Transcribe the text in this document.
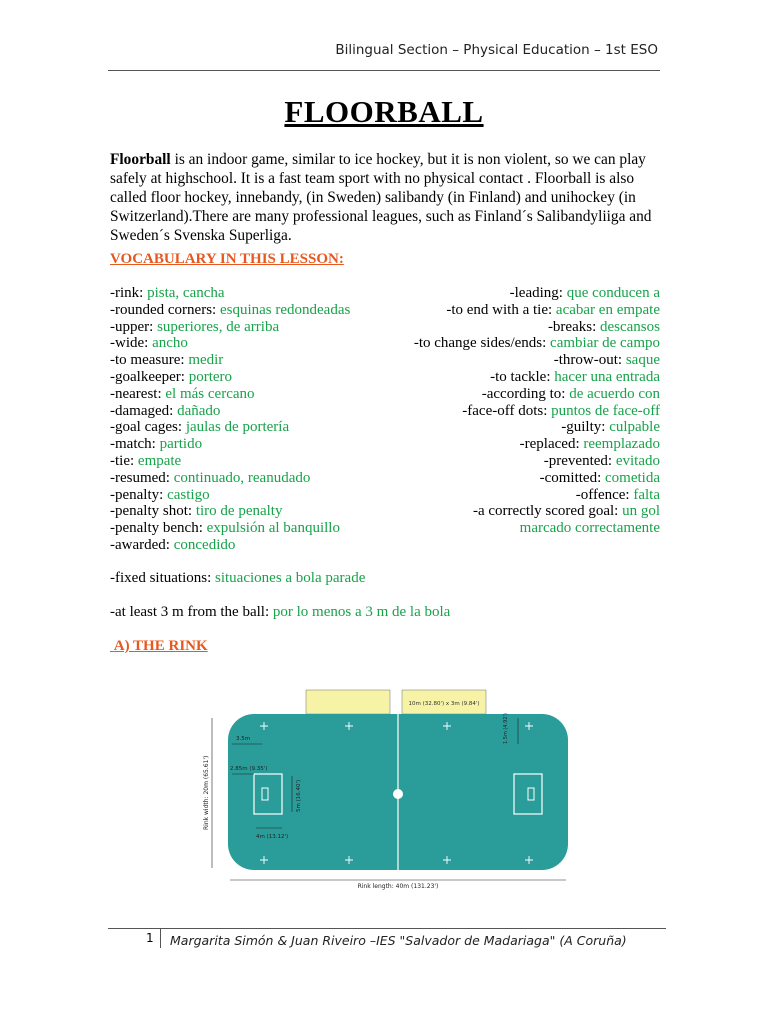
Bilingual Section – Physical Education – 1st ESO
FLOORBALL
Floorball is an indoor game, similar to ice hockey, but it is non violent, so we can play safely at highschool. It is a fast team sport with no physical contact . Floorball is also called floor hockey, innebandy, (in Sweden) salibandy (in Finland) and unihockey (in Switzerland).There are many professional leagues, such as Finland´s Salibandyliiga and Sweden´s Svenska Superliga.
VOCABULARY IN THIS LESSON:
-rink: pista, cancha	-leading: que conducen a
-rounded corners: esquinas redondeadas	-to end with a tie: acabar en empate
-upper: superiores, de arriba	-breaks: descansos
-wide: ancho	-to change sides/ends: cambiar de campo
-to measure: medir	-throw-out: saque
-goalkeeper: portero	-to tackle: hacer una entrada
-nearest: el más cercano	-according to: de acuerdo con
-damaged: dañado	-face-off dots: puntos de face-off
-goal cages: jaulas de portería	-guilty: culpable
-match: partido	-replaced: reemplazado
-tie: empate	-prevented: evitado
-resumed: continuado, reanudado	-comitted: cometida
-penalty: castigo	-offence: falta
-penalty shot: tiro de penalty	-a correctly scored goal: un gol
-penalty bench: expulsión al banquillo	marcado correctamente
-awarded: concedido
-fixed situations: situaciones a bola parade
-at least 3 m from the ball: por lo menos a 3 m de la bola
A) THE RINK
10m (32.80') x 3m (9.84')
3.5m
2.85m (9.35')
5m (16.40')
4m (13.12')
Rink width: 20m (65.61')
1.5m (4.92')
Rink length: 40m (131.23')
1 Margarita Simón & Juan Riveiro –IES "Salvador de Madariaga" (A Coruña)
